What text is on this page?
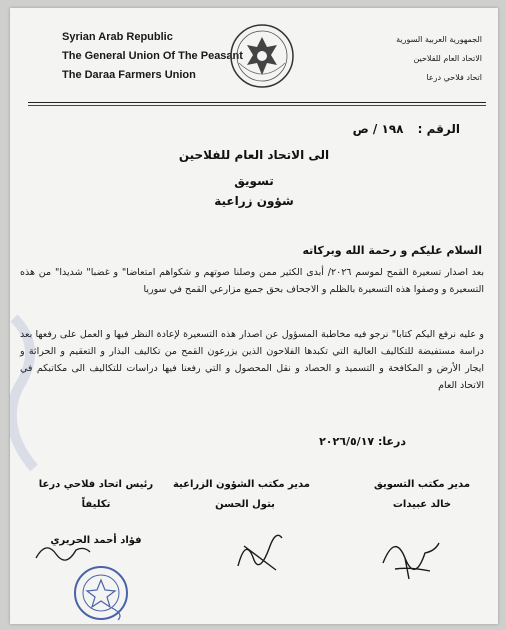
Syrian Arab Republic
The General Union Of The Peasant
The Daraa Farmers Union
الجمهورية العربية السورية
الاتحاد العام للفلاحين
اتحاد فلاحي درعا
الرقم : ١٩٨ / ص
الى الاتحاد العام للفلاحين
تسويق
شؤون زراعية
السلام عليكم و رحمة الله وبركاته
بعد اصدار تسعيرة القمح لموسم ٢٠٢٦/ أبدى الكثير ممن وصلنا صوتهم و شكواهم امتعاضا" و غضبا" شديدا" من هذه التسعيرة و وصفوا هذه التسعيرة بالظلم و الاجحاف بحق جميع مزارعي القمح في سوريا
و عليه نرفع اليكم كتابا" نرجو فيه مخاطبة المسؤول عن اصدار هذه التسعيرة لإعادة النظر فيها و العمل على رفعها بعد دراسة مستفيضة للتكاليف العالية التي تكبدها الفلاحون الذين يزرعون القمح من تكاليف البذار و التعقيم و الحراثة و ايجار الأرض و المكافحة و التسميد و الحصاد و نقل المحصول و التي رفعنا فيها دراسات للتكاليف الى مكاتبكم في الاتحاد العام
درعا: ٢٠٢٦/٥/١٧
مدير مكتب التسويق
خالد عبيدات
مدير مكتب الشؤون الزراعية
بتول الحسن
رئيس اتحاد فلاحي درعا
تكليفاً
فؤاد أحمد الحريري
